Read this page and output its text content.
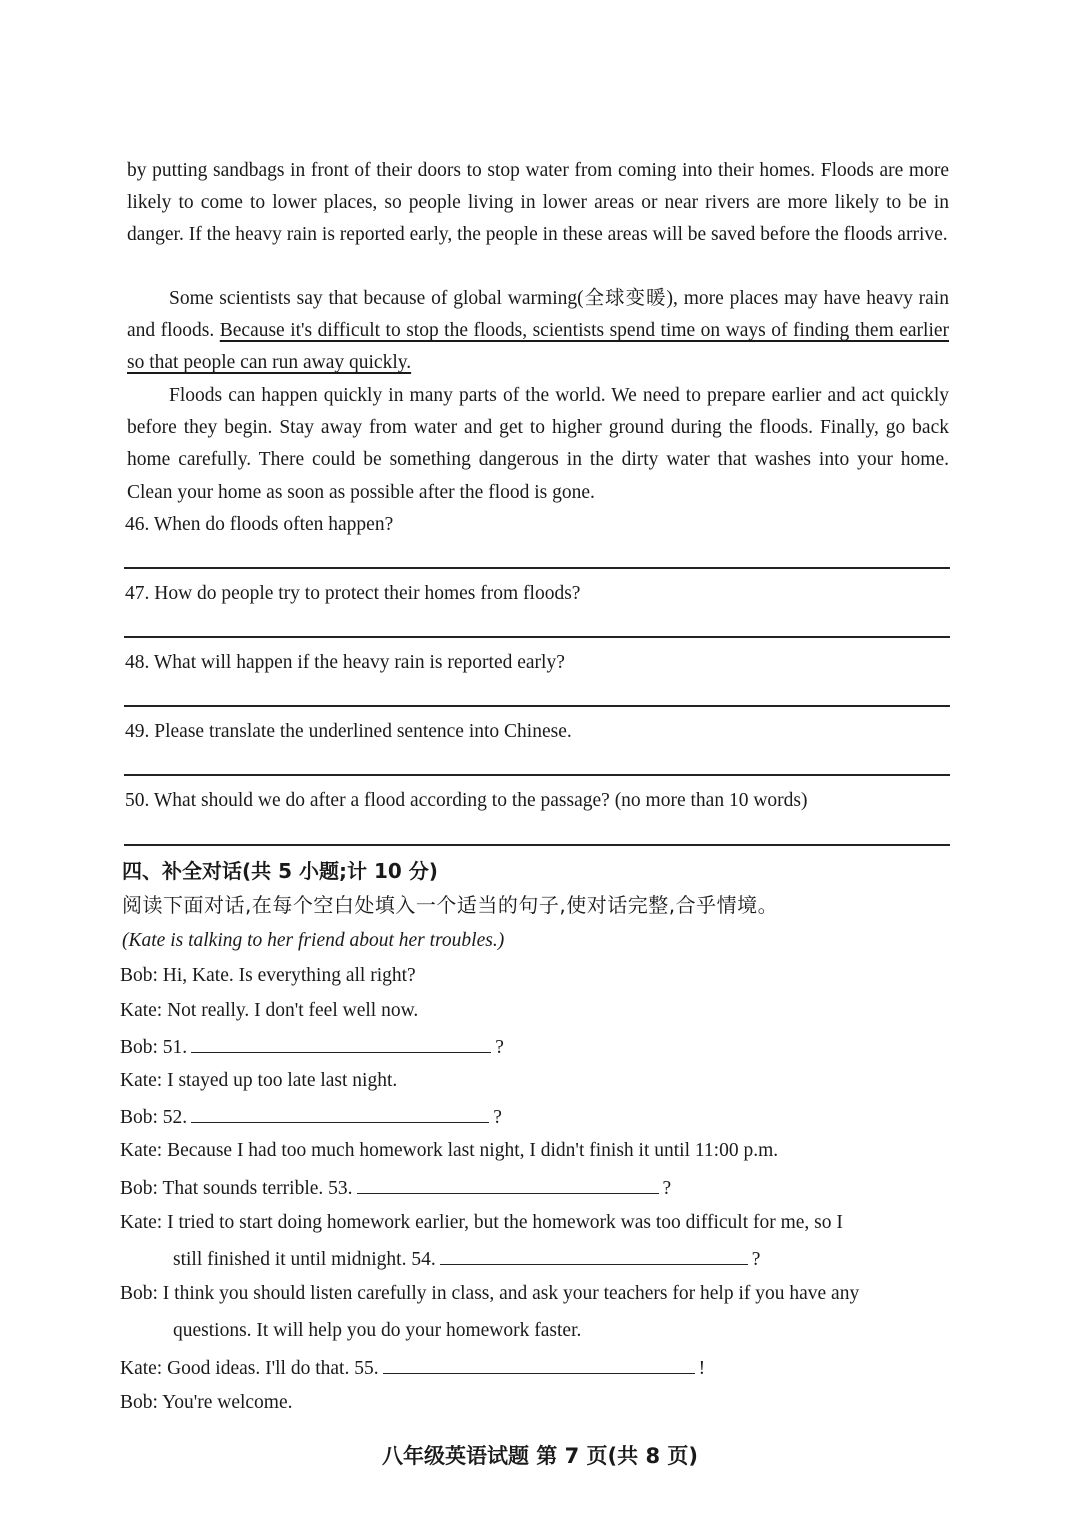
by putting sandbags in front of their doors to stop water from coming into their homes. Floods are more likely to come to lower places, so people living in lower areas or near rivers are more likely to be in danger. If the heavy rain is reported early, the people in these areas will be saved before the floods arrive.

Some scientists say that because of global warming(全球变暖), more places may have heavy rain and floods. Because it's difficult to stop the floods, scientists spend time on ways of finding them earlier so that people can run away quickly.

Floods can happen quickly in many parts of the world. We need to prepare earlier and act quickly before they begin. Stay away from water and get to higher ground during the floods. Finally, go back home carefully. There could be something dangerous in the dirty water that washes into your home. Clean your home as soon as possible after the flood is gone.

46. When do floods often happen?

47. How do people try to protect their homes from floods?

48. What will happen if the heavy rain is reported early?

49. Please translate the underlined sentence into Chinese.

50. What should we do after a flood according to the passage? (no more than 10 words)

四、补全对话(共 5 小题;计 10 分)
阅读下面对话,在每个空白处填入一个适当的句子,使对话完整,合乎情境。
(Kate is talking to her friend about her troubles.)

Bob: Hi, Kate. Is everything all right?

Kate: Not really. I don't feel well now.

Bob: 51.	?

Kate: I stayed up too late last night.

Bob: 52.	?

Kate: Because I had too much homework last night, I didn't finish it until 11:00 p.m.

Bob: That sounds terrible. 53.	?

Kate: I tried to start doing homework earlier, but the homework was too difficult for me, so I

still finished it until midnight. 54.	?

Bob: I think you should listen carefully in class, and ask your teachers for help if you have any

questions. It will help you do your homework faster.

Kate: Good ideas. I'll do that. 55.	!

Bob: You're welcome.

八年级英语试题 第 7 页(共 8 页)
